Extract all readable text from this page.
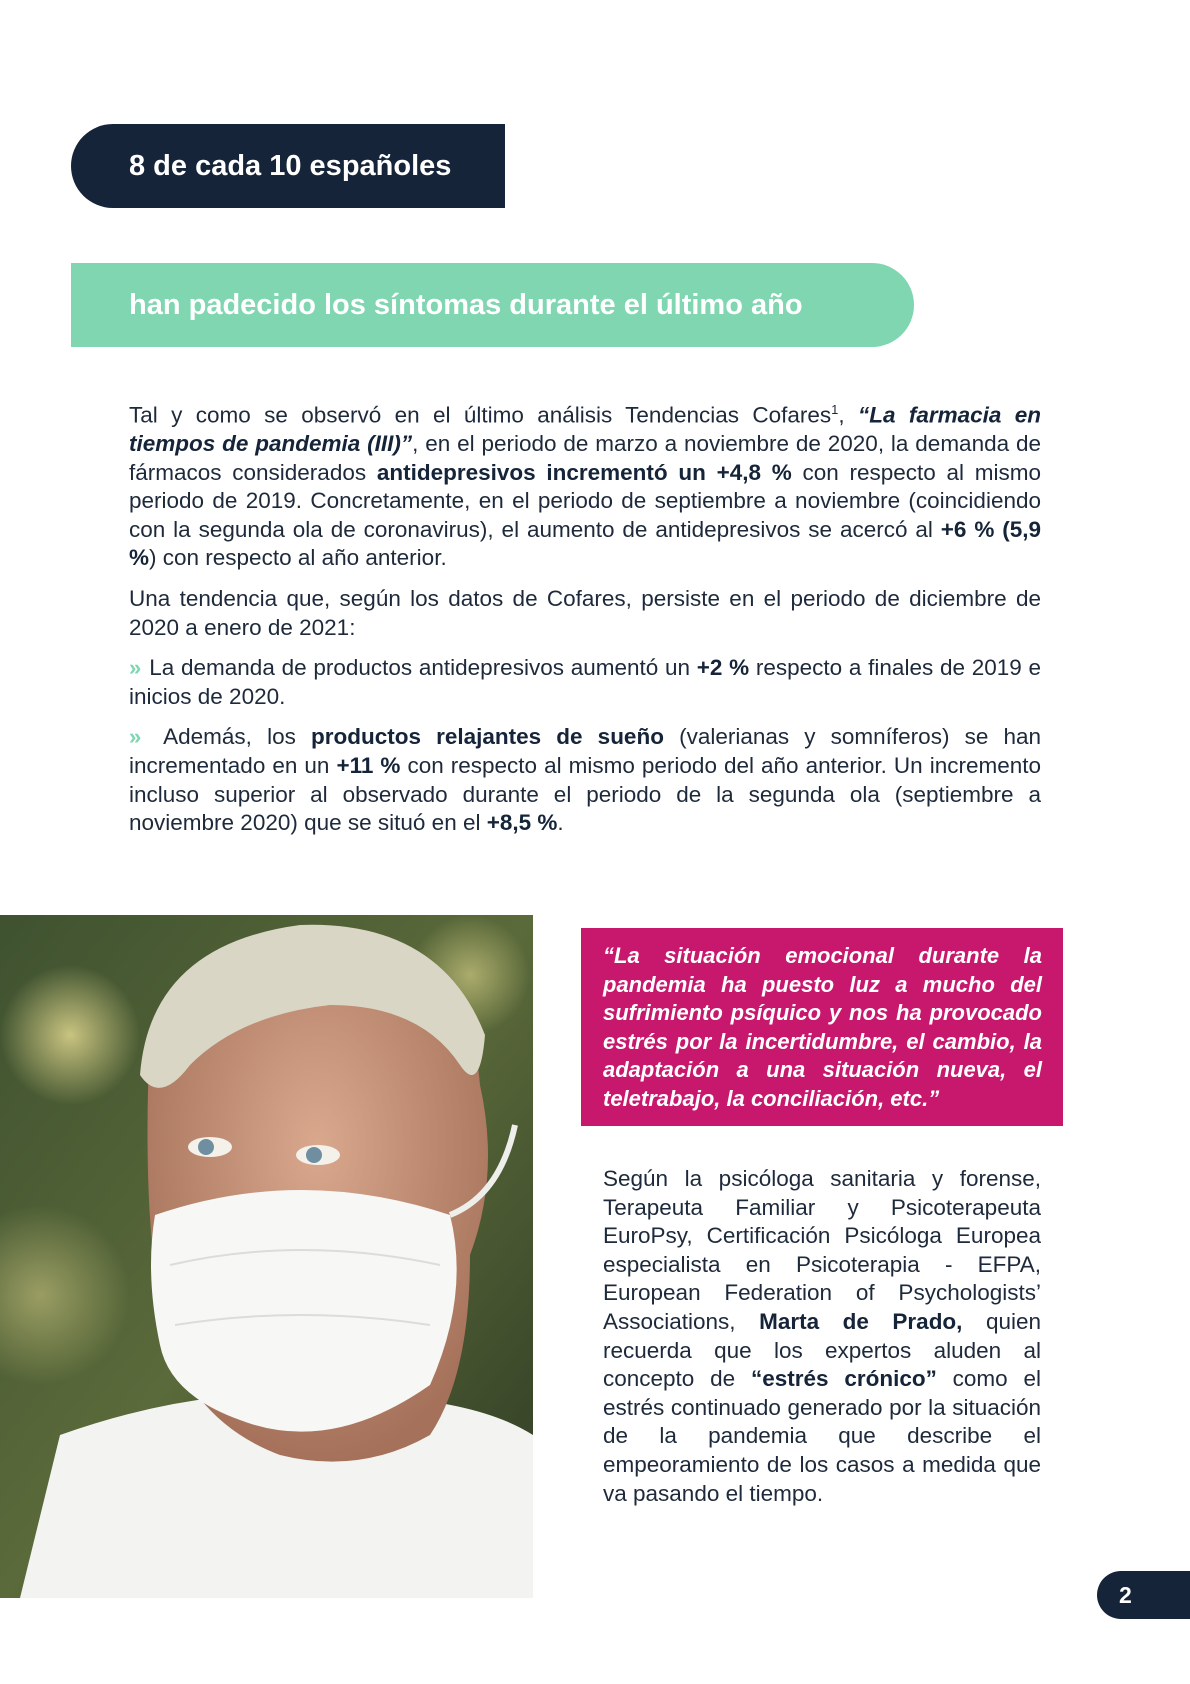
8 de cada 10 españoles
han padecido los síntomas durante el último año

Tal y como se observó en el último análisis Tendencias Cofares$^1$, “La farmacia en tiempos de pandemia (III)”, en el periodo de marzo a noviembre de 2020, la demanda de fármacos considerados antidepresivos incrementó un +4,8 % con respecto al mismo periodo de 2019. Concretamente, en el periodo de septiembre a noviembre (coincidiendo con la segunda ola de coronavirus), el aumento de antidepresivos se acercó al +6 % (5,9 %) con respecto al año anterior.

Una tendencia que, según los datos de Cofares, persiste en el periodo de diciembre de 2020 a enero de 2021:

» La demanda de productos antidepresivos aumentó un +2 % respecto a finales de 2019 e inicios de 2020.

» Además, los productos relajantes de sueño (valerianas y somníferos) se han incrementado en un +11 % con respecto al mismo periodo del año anterior. Un incremento incluso superior al observado durante el periodo de la segunda ola (septiembre a noviembre 2020) que se situó en el +8,5 %.

“La situación emocional durante la pandemia ha puesto luz a mucho del sufrimiento psíquico y nos ha provocado estrés por la incertidumbre, el cambio, la adaptación a una situación nueva, el teletrabajo, la conciliación, etc.”

Según la psicóloga sanitaria y forense, Terapeuta Familiar y Psicoterapeuta EuroPsy, Certificación Psicóloga Europea especialista en Psicoterapia - EFPA, European Federation of Psychologists’ Associations, Marta de Prado, quien recuerda que los expertos aluden al concepto de “estrés crónico” como el estrés continuado generado por la situación de la pandemia que describe el empeoramiento de los casos a medida que va pasando el tiempo.

2
